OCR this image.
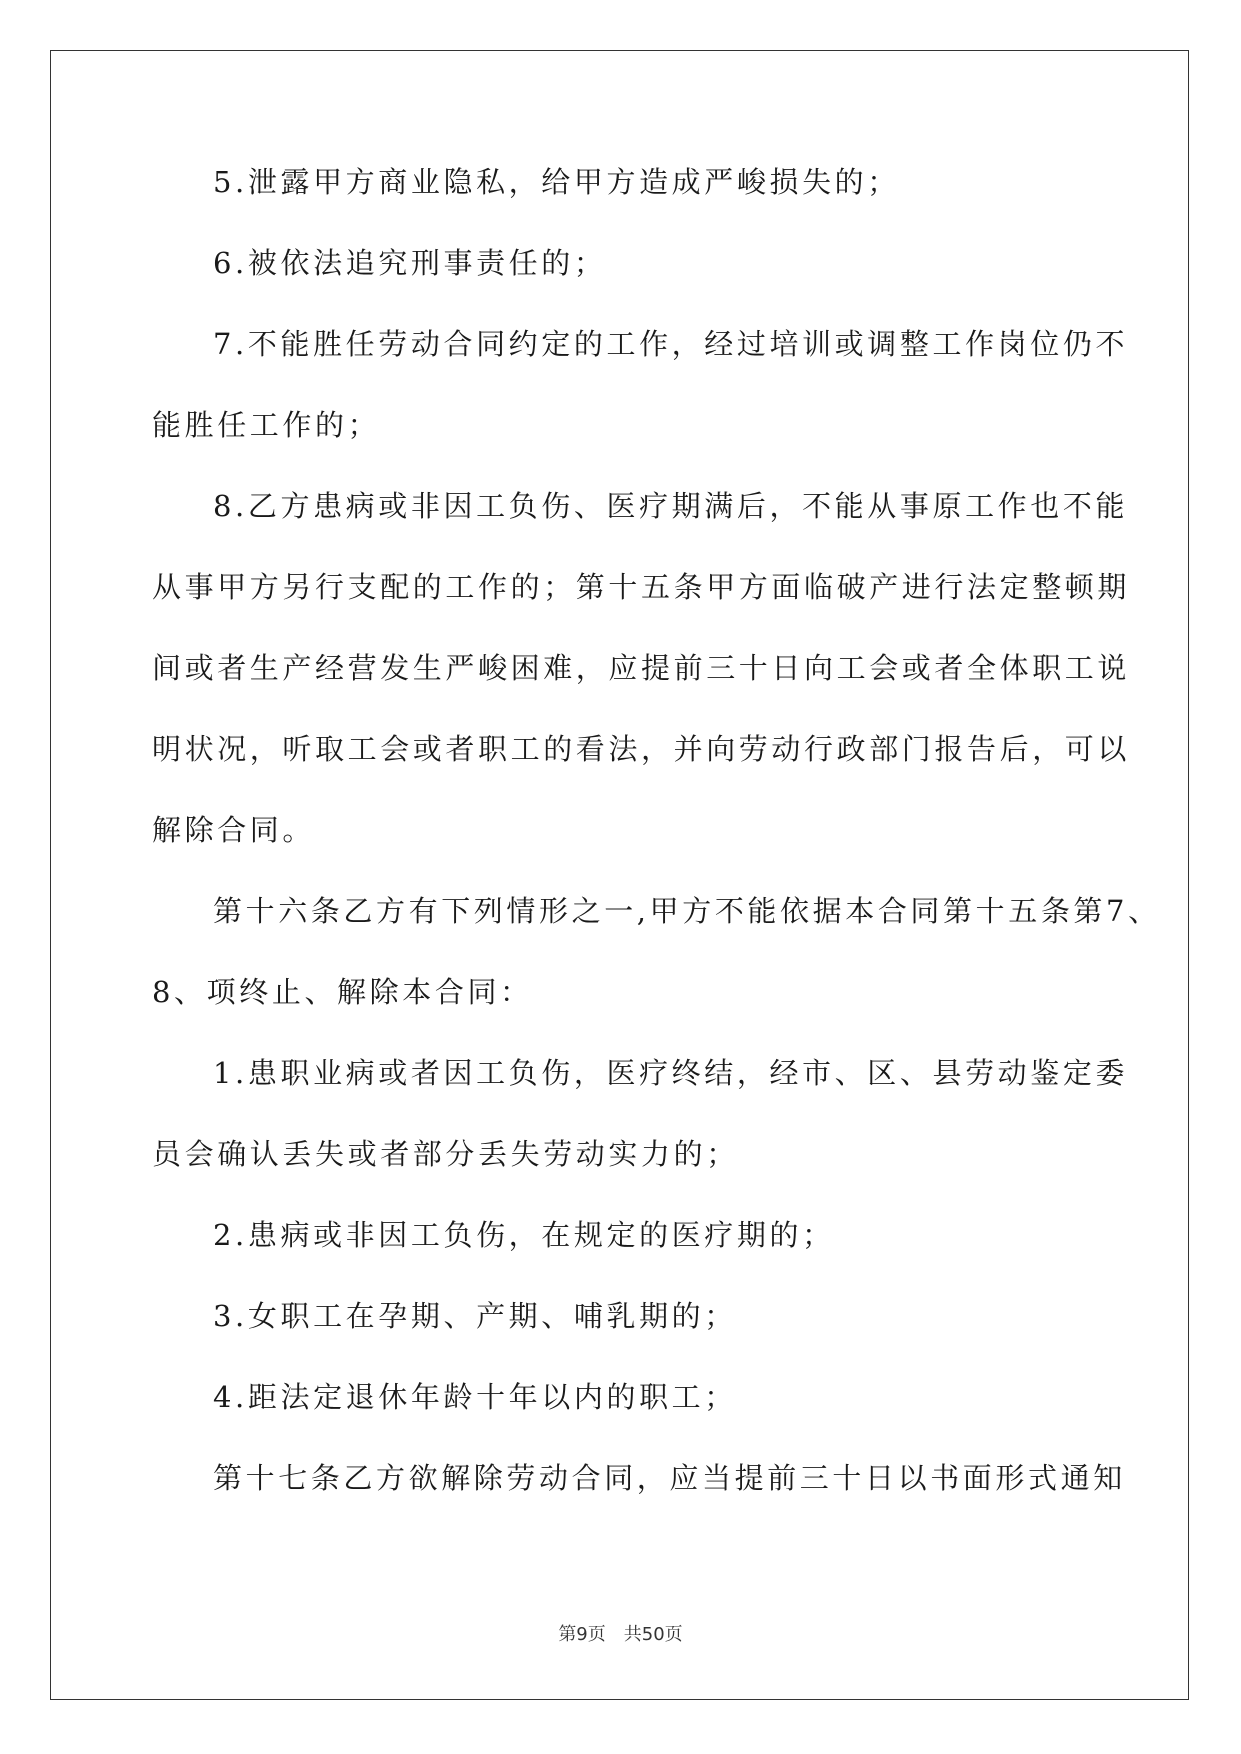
5.泄露甲方商业隐私，给甲方造成严峻损失的；
6.被依法追究刑事责任的；
7.不能胜任劳动合同约定的工作，经过培训或调整工作岗位仍不
能胜任工作的；
8.乙方患病或非因工负伤、医疗期满后，不能从事原工作也不能
从事甲方另行支配的工作的；第十五条甲方面临破产进行法定整顿期
间或者生产经营发生严峻困难，应提前三十日向工会或者全体职工说
明状况，听取工会或者职工的看法，并向劳动行政部门报告后，可以
解除合同。
第十六条乙方有下列情形之一,甲方不能依据本合同第十五条第7、
8、项终止、解除本合同：
1.患职业病或者因工负伤，医疗终结，经市、区、县劳动鉴定委
员会确认丢失或者部分丢失劳动实力的；
2.患病或非因工负伤，在规定的医疗期的；
3.女职工在孕期、产期、哺乳期的；
4.距法定退休年龄十年以内的职工；
第十七条乙方欲解除劳动合同，应当提前三十日以书面形式通知
第9页 共50页
